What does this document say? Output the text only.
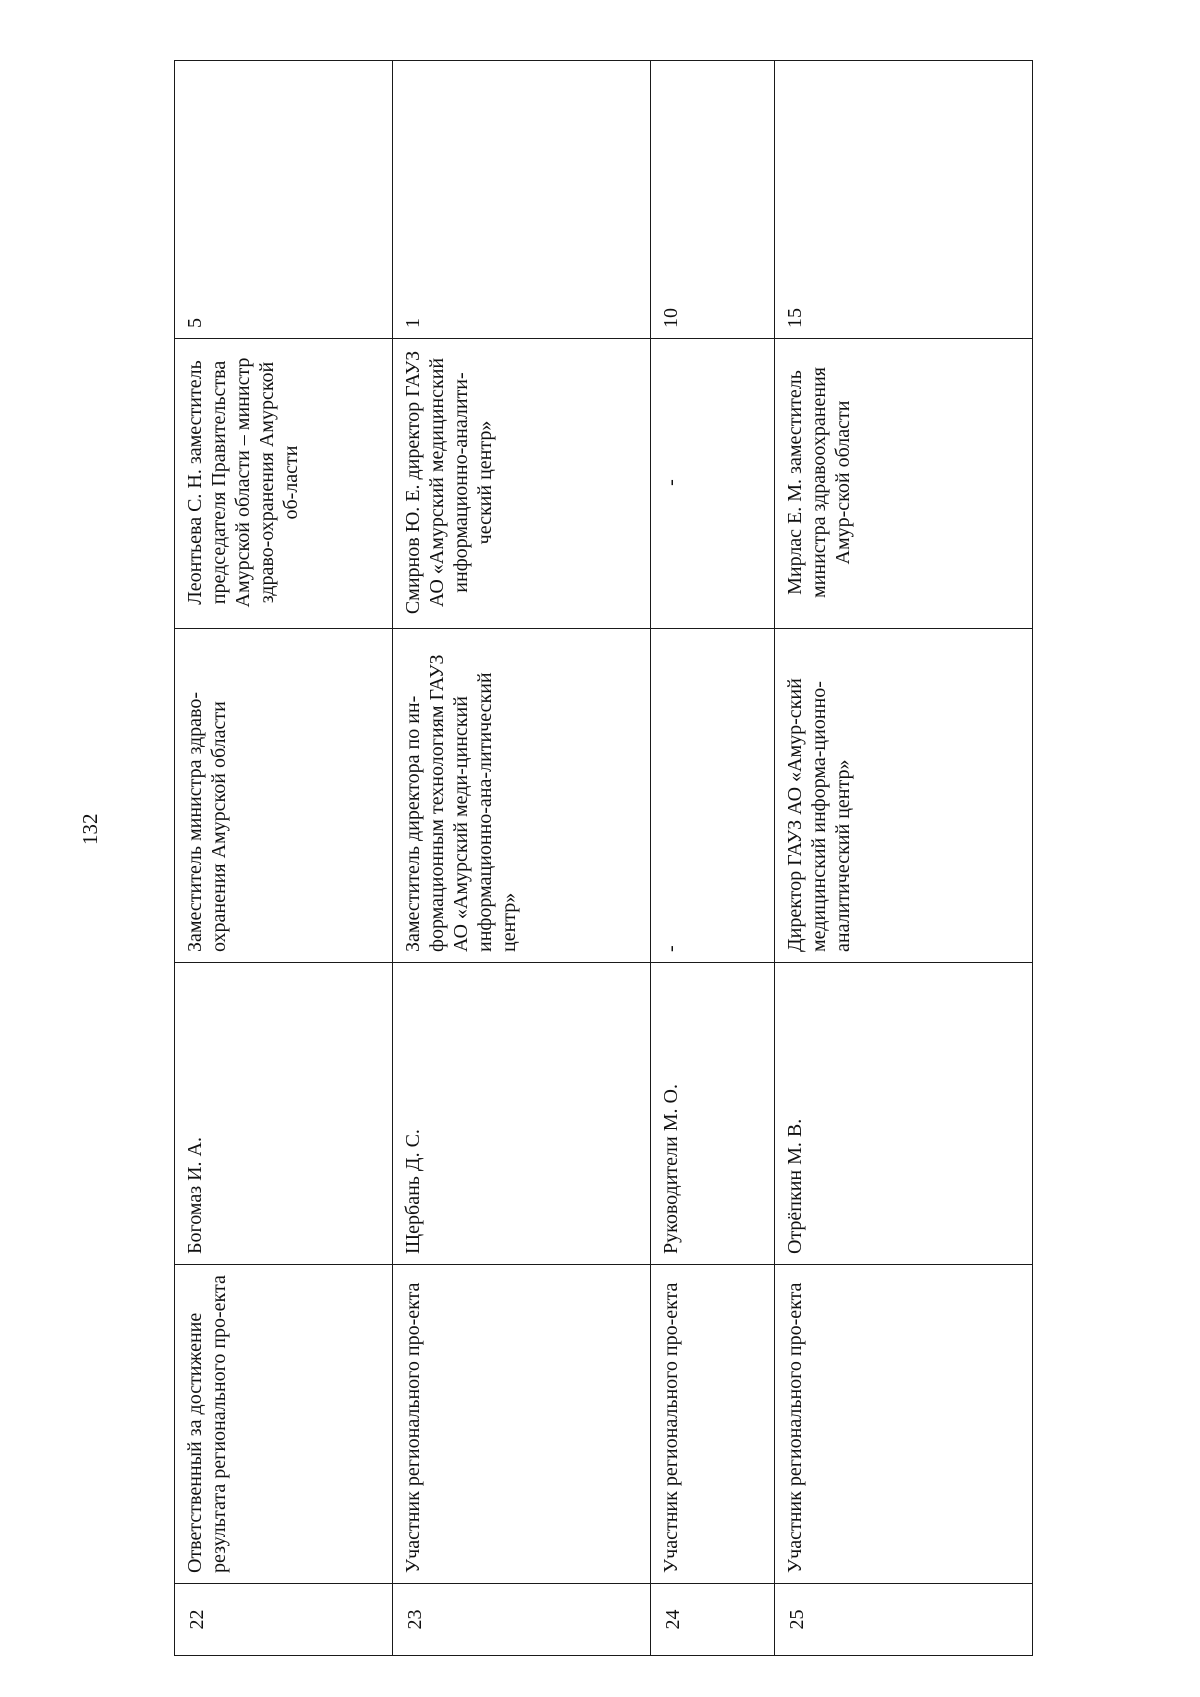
132
22	Ответственный за достижение результата регионального про-екта	Богомаз И. А.	Заместитель министра здраво-охранения Амурской области	Леонтьева С. Н. заместитель председателя Правительства Амурской области – министр здраво-охранения Амурской об-ласти	5
23	Участник регионального про-екта	Щербань Д. С.	Заместитель директора по ин-формационным технологиям ГАУЗ АО «Амурский меди-цинский информационно-ана-литический центр»	Смирнов Ю. Е. директор ГАУЗ АО «Амурский медицинский информационно-аналити-ческий центр»	1
24	Участник регионального про-екта	Руководители М. О.	-	-	10
25	Участник регионального про-екта	Отрёпкин М. В.	Директор ГАУЗ АО «Амур-ский медицинский информа-ционно-аналитический центр»	Мирлас Е. М. заместитель министра здравоохранения Амур-ской области	15
